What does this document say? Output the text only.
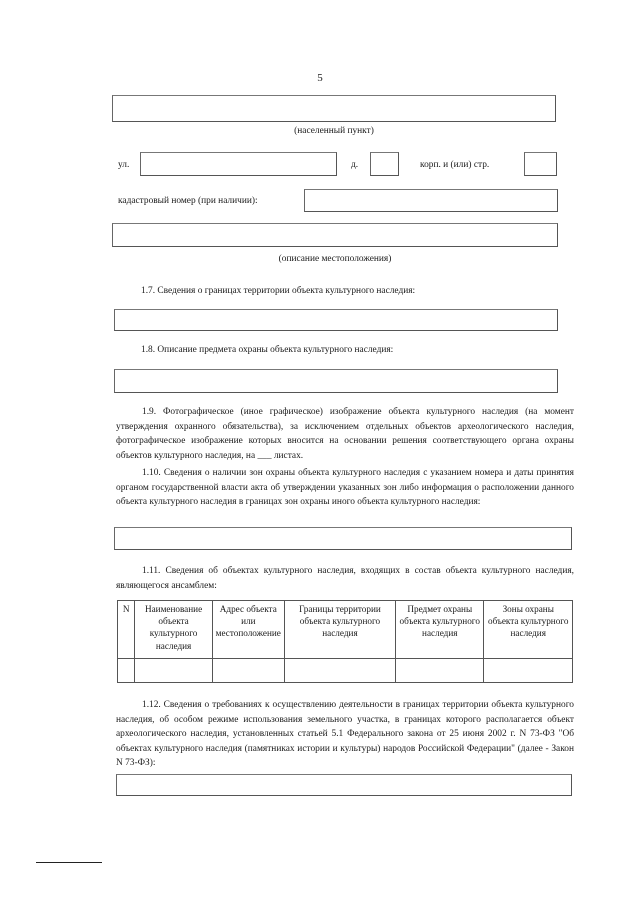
5
(населенный пункт)
ул.	д.	корп. и (или) стр.
кадастровый номер (при наличии):
(описание местоположения)
1.7. Сведения о границах территории объекта культурного наследия:
1.8. Описание предмета охраны объекта культурного наследия:
1.9. Фотографическое (иное графическое) изображение объекта культурного наследия (на момент утверждения охранного обязательства), за исключением отдельных объектов археологического наследия, фотографическое изображение которых вносится на основании решения соответствующего органа охраны объектов культурного наследия, на ___ листах.
1.10. Сведения о наличии зон охраны объекта культурного наследия с указанием номера и даты принятия органом государственной власти акта об утверждении указанных зон либо информация о расположении данного объекта культурного наследия в границах зон охраны иного объекта культурного наследия:
1.11. Сведения об объектах культурного наследия, входящих в состав объекта культурного наследия, являющегося ансамблем:
N	Наименование объекта культурного наследия	Адрес объекта или местоположение	Границы территории объекта культурного наследия	Предмет охраны объекта культурного наследия	Зоны охраны объекта культурного наследия

1.12. Сведения о требованиях к осуществлению деятельности в границах территории объекта культурного наследия, об особом режиме использования земельного участка, в границах которого располагается объект археологического наследия, установленных статьей 5.1 Федерального закона от 25 июня 2002 г. N 73-ФЗ "Об объектах культурного наследия (памятниках истории и культуры) народов Российской Федерации" (далее - Закон N 73-ФЗ):
